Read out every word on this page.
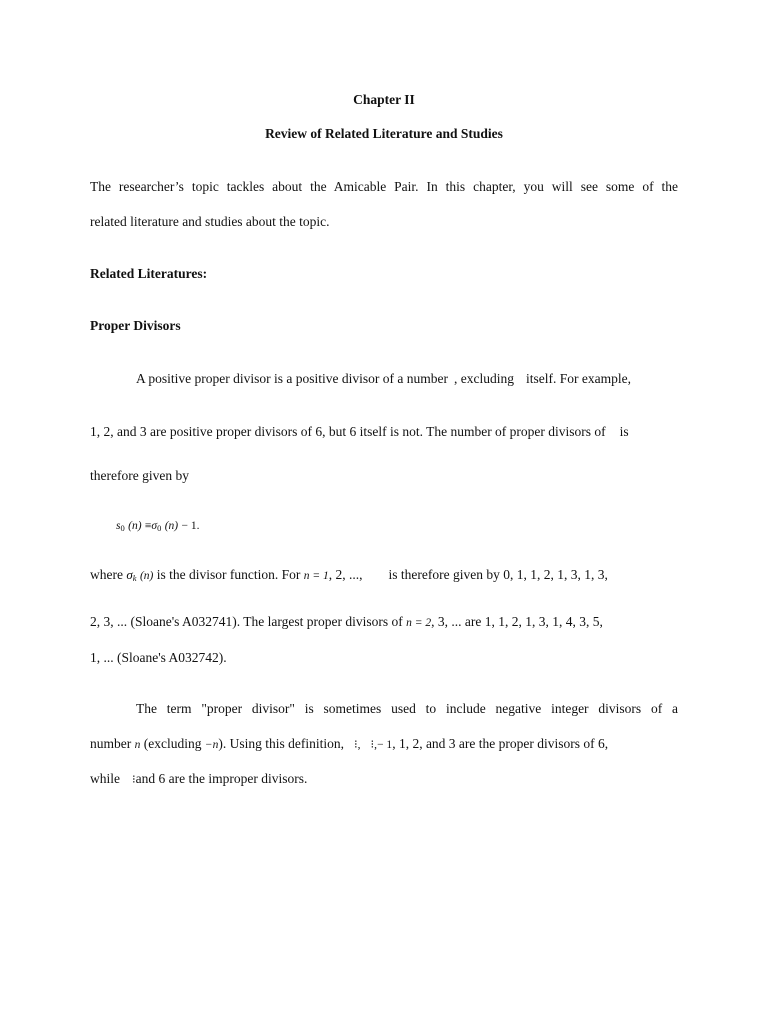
Chapter II
Review of Related Literature and Studies
The researcher’s topic tackles about the Amicable Pair. In this chapter, you will see some of the
related literature and studies about the topic.
Related Literatures:
Proper Divisors
A positive proper divisor is a positive divisor of a number , excluding itself. For example,
1, 2, and 3 are positive proper divisors of 6, but 6 itself is not. The number of proper divisors of is
therefore given by
$s_0$ $(n) \equiv\sigma_0$ (n) − 1.
where $\sigma_k$ (n) is the divisor function. For n = 1, 2, ..., is therefore given by 0, 1, 1, 2, 1, 3, 1, 3,
2, 3, ... (Sloane's A032741). The largest proper divisors of n = 2, 3, ... are 1, 1, 2, 1, 3, 1, 4, 3, 5,
1, ... (Sloane's A032742).
The term "proper divisor" is sometimes used to include negative integer divisors of a
number n (excluding −n). Using this definition, ⁝, ⁝,− 1, 1, 2, and 3 are the proper divisors of 6,
while ⁝and 6 are the improper divisors.
